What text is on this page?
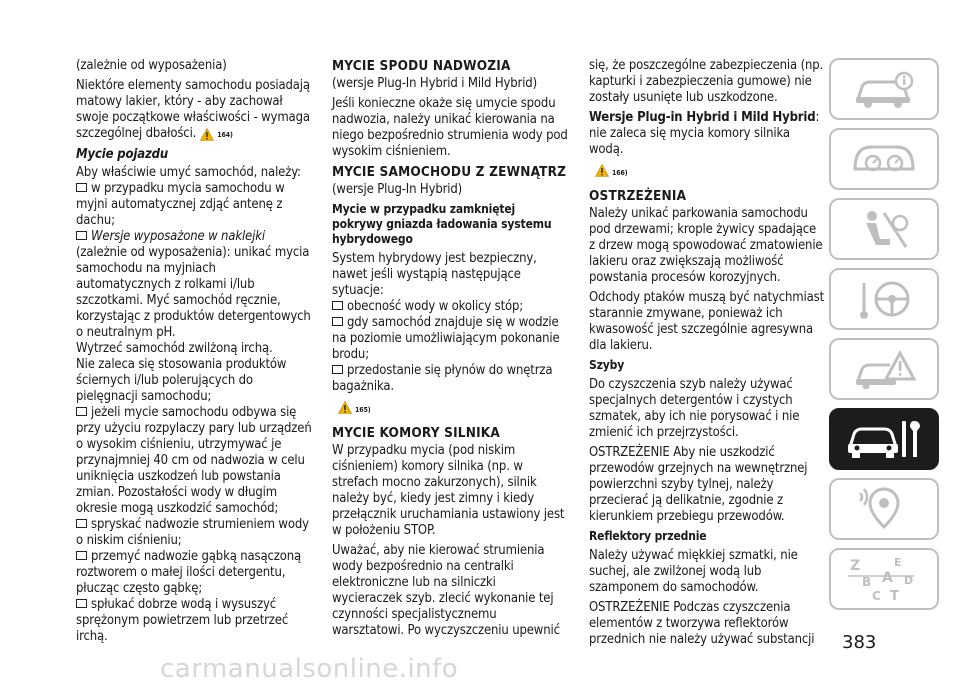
(zależnie od wyposażenia)

Niektóre elementy samochodu posiadają matowy lakier, który - aby zachował swoje początkowe właściwości - wymaga szczególnej dbałości.	164)

Mycie pojazdu

Aby właściwie umyć samochód, należy:

w przypadku mycia samochodu w myjni automatycznej zdjąć antenę z dachu;

Wersje wyposażone w naklejki
(zależnie od wyposażenia): unikać mycia samochodu na myjniach automatycznych z rolkami i/lub szczotkami. Myć samochód ręcznie, korzystając z produktów detergentowych o neutralnym pH.

Wytrzeć samochód zwilżoną irchą.

Nie zaleca się stosowania produktów ściernych i/lub polerujących do pielęgnacji samochodu;

jeżeli mycie samochodu odbywa się przy użyciu rozpylaczy pary lub urządzeń o wysokim ciśnieniu, utrzymywać je przynajmniej 40 cm od nadwozia w celu uniknięcia uszkodzeń lub powstania zmian. Pozostałości wody w długim okresie mogą uszkodzić samochód;

spryskać nadwozie strumieniem wody o niskim ciśnieniu;

przemyć nadwozie gąbką nasączoną roztworem o małej ilości detergentu, płucząc często gąbkę;

spłukać dobrze wodą i wysuszyć sprężonym powietrzem lub przetrzeć irchą.

MYCIE SPODU NADWOZIA

(wersje Plug-In Hybrid i Mild Hybrid)

Jeśli konieczne okaże się umycie spodu nadwozia, należy unikać kierowania na niego bezpośrednio strumienia wody pod wysokim ciśnieniem.

MYCIE SAMOCHODU Z ZEWNĄTRZ

(wersje Plug-In Hybrid)

Mycie w przypadku zamkniętej pokrywy gniazda ładowania systemu hybrydowego

System hybrydowy jest bezpieczny, nawet jeśli wystąpią następujące sytuacje:

obecność wody w okolicy stóp;

gdy samochód znajduje się w wodzie na poziomie umożliwiającym pokonanie brodu;

przedostanie się płynów do wnętrza bagażnika.

165)
MYCIE KOMORY SILNIKA

W przypadku mycia (pod niskim ciśnieniem) komory silnika (np. w strefach mocno zakurzonych), silnik należy być, kiedy jest zimny i kiedy przełącznik uruchamiania ustawiony jest w położeniu STOP.

Uważać, aby nie kierować strumienia wody bezpośrednio na centralki elektroniczne lub na silniczki wycieraczek szyb. zlecić wykonanie tej czynności specjalistycznemu warsztatowi. Po wyczyszczeniu upewnić

się, że poszczególne zabezpieczenia (np. kapturki i zabezpieczenia gumowe) nie zostały usunięte lub uszkodzone.

Wersje Plug-in Hybrid i Mild Hybrid: nie zaleca się mycia komory silnika wodą.

166)
OSTRZEŻENIA

Należy unikać parkowania samochodu pod drzewami; krople żywicy spadające z drzew mogą spowodować zmatowienie lakieru oraz zwiększają możliwość powstania procesów korozyjnych.

Odchody ptaków muszą być natychmiast starannie zmywane, ponieważ ich kwasowość jest szczególnie agresywna dla lakieru.

Szyby

Do czyszczenia szyb należy używać specjalnych detergentów i czystych szmatek, aby ich nie porysować i nie zmienić ich przejrzystości.

OSTRZEŻENIE Aby nie uszkodzić przewodów grzejnych na wewnętrznej powierzchni szyby tylnej, należy przecierać ją delikatnie, zgodnie z kierunkiem przebiegu przewodów.

Reflektory przednie

Należy używać miękkiej szmatki, nie suchej, ale zwilżonej wodą lub szamponem do samochodów.

OSTRZEŻENIE Podczas czyszczenia elementów z tworzywa reflektorów przednich nie należy używać substancji

Z	E
B A D
C T
383
carmanualsonline.info
